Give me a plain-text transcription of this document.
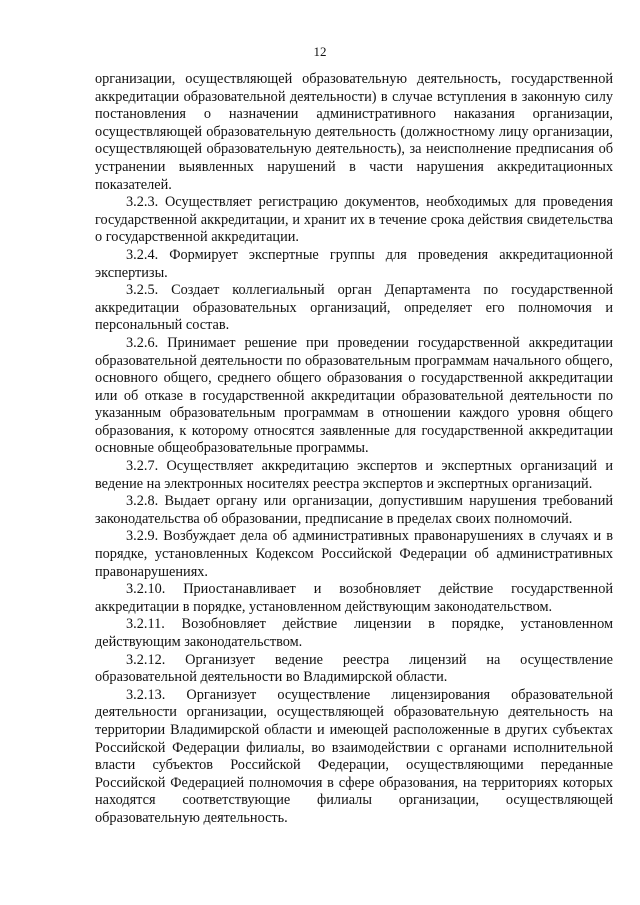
12

организации, осуществляющей образовательную деятельность, государственной аккредитации образовательной деятельности) в случае вступления в законную силу постановления о назначении административного наказания организации, осуществляющей образовательную деятельность (должностному лицу организации, осуществляющей образовательную деятельность), за неисполнение предписания об устранении выявленных нарушений в части нарушения аккредитационных показателей.

3.2.3. Осуществляет регистрацию документов, необходимых для проведения государственной аккредитации, и хранит их в течение срока действия свидетельства о государственной аккредитации.

3.2.4. Формирует экспертные группы для проведения аккредитационной экспертизы.

3.2.5. Создает коллегиальный орган Департамента по государственной аккредитации образовательных организаций, определяет его полномочия и персональный состав.

3.2.6. Принимает решение при проведении государственной аккредитации образовательной деятельности по образовательным программам начального общего, основного общего, среднего общего образования о государственной аккредитации или об отказе в государственной аккредитации образовательной деятельности по указанным образовательным программам в отношении каждого уровня общего образования, к которому относятся заявленные для государственной аккредитации основные общеобразовательные программы.

3.2.7. Осуществляет аккредитацию экспертов и экспертных организаций и ведение на электронных носителях реестра экспертов и экспертных организаций.

3.2.8. Выдает органу или организации, допустившим нарушения требований законодательства об образовании, предписание в пределах своих полномочий.

3.2.9. Возбуждает дела об административных правонарушениях в случаях и в порядке, установленных Кодексом Российской Федерации об административных правонарушениях.

3.2.10. Приостанавливает и возобновляет действие государственной аккредитации в порядке, установленном действующим законодательством.

3.2.11. Возобновляет действие лицензии в порядке, установленном действующим законодательством.

3.2.12. Организует ведение реестра лицензий на осуществление образовательной деятельности во Владимирской области.

3.2.13. Организует осуществление лицензирования образовательной деятельности организации, осуществляющей образовательную деятельность на территории Владимирской области и имеющей расположенные в других субъектах Российской Федерации филиалы, во взаимодействии с органами исполнительной власти субъектов Российской Федерации, осуществляющими переданные Российской Федерацией полномочия в сфере образования, на территориях которых находятся соответствующие филиалы организации, осуществляющей образовательную деятельность.
